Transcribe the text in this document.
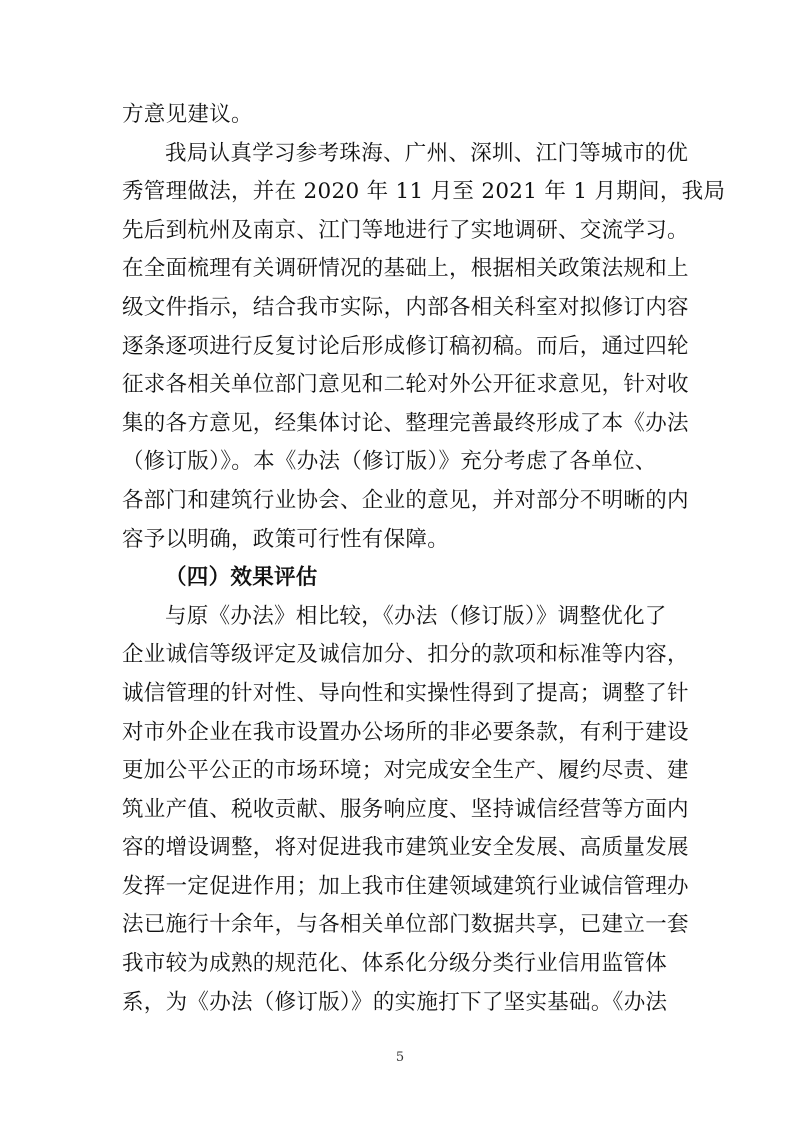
方意见建议。
我局认真学习参考珠海、广州、深圳、江门等城市的优
秀管理做法，并在 2020 年 11 月至 2021 年 1 月期间，我局
先后到杭州及南京、江门等地进行了实地调研、交流学习。
在全面梳理有关调研情况的基础上，根据相关政策法规和上
级文件指示，结合我市实际，内部各相关科室对拟修订内容
逐条逐项进行反复讨论后形成修订稿初稿。而后，通过四轮
征求各相关单位部门意见和二轮对外公开征求意见，针对收
集的各方意见，经集体讨论、整理完善最终形成了本《办法
（修订版）》。本《办法（修订版）》充分考虑了各单位、
各部门和建筑行业协会、企业的意见，并对部分不明晰的内
容予以明确，政策可行性有保障。
（四）效果评估
与原《办法》相比较，《办法（修订版）》调整优化了
企业诚信等级评定及诚信加分、扣分的款项和标准等内容，
诚信管理的针对性、导向性和实操性得到了提高；调整了针
对市外企业在我市设置办公场所的非必要条款，有利于建设
更加公平公正的市场环境；对完成安全生产、履约尽责、建
筑业产值、税收贡献、服务响应度、坚持诚信经营等方面内
容的增设调整，将对促进我市建筑业安全发展、高质量发展
发挥一定促进作用；加上我市住建领域建筑行业诚信管理办
法已施行十余年，与各相关单位部门数据共享，已建立一套
我市较为成熟的规范化、体系化分级分类行业信用监管体
系，为《办法（修订版）》的实施打下了坚实基础。《办法
5
